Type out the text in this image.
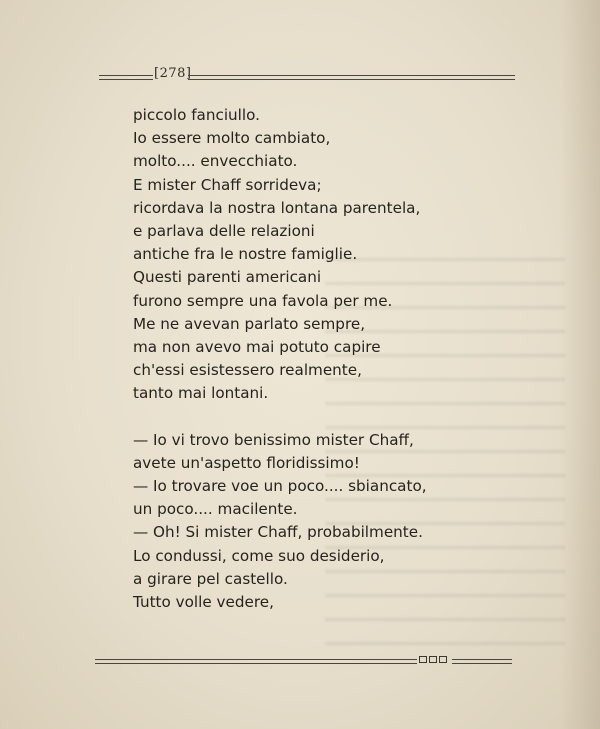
[278]
piccolo fanciullo.
Io essere molto cambiato,
molto.... envecchiato.
E mister Chaff sorrideva;
ricordava la nostra lontana parentela,
e parlava delle relazioni
antiche fra le nostre famiglie.
Questi parenti americani
furono sempre una favola per me.
Me ne avevan parlato sempre,
ma non avevo mai potuto capire
ch'essi esistessero realmente,
tanto mai lontani.
— Io vi trovo benissimo mister Chaff,
avete un'aspetto floridissimo!
— Io trovare voe un poco.... sbiancato,
un poco.... macilente.
— Oh! Si mister Chaff, probabilmente.
Lo condussi, come suo desiderio,
a girare pel castello.
Tutto volle vedere,
